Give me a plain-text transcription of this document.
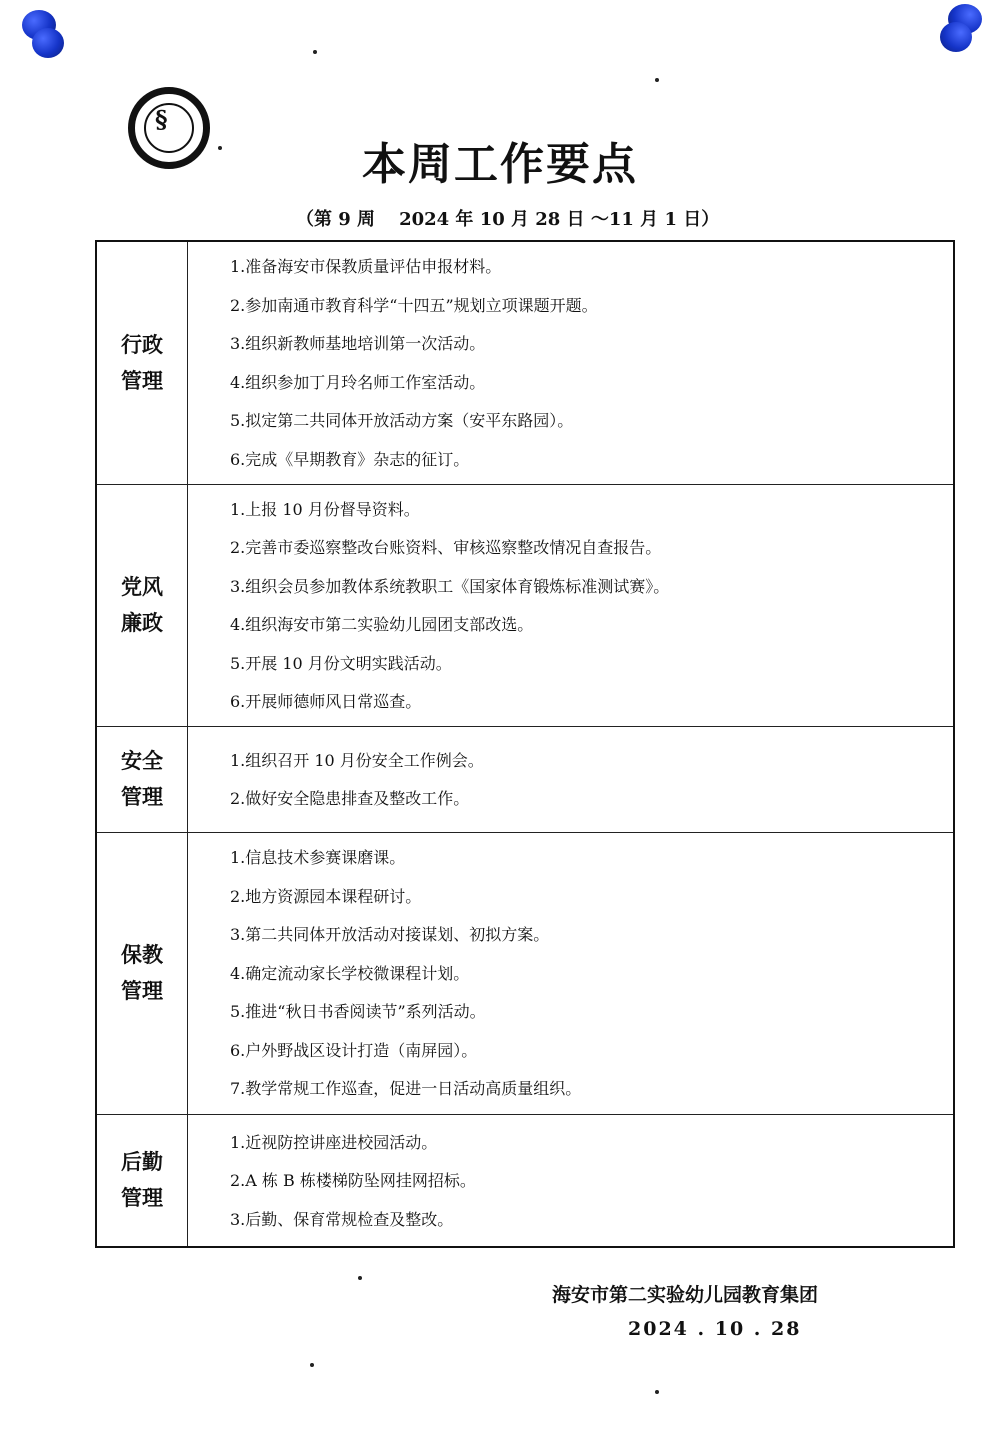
§
本周工作要点
（第 9 周 2024 年 10 月 28 日 ～11 月 1 日）
行政
管理

1.准备海安市保教质量评估申报材料。
2.参加南通市教育科学“十四五”规划立项课题开题。
3.组织新教师基地培训第一次活动。
4.组织参加丁月玲名师工作室活动。
5.拟定第二共同体开放活动方案（安平东路园）。
6.完成《早期教育》杂志的征订。

党风
廉政

1.上报 10 月份督导资料。
2.完善市委巡察整改台账资料、审核巡察整改情况自查报告。
3.组织会员参加教体系统教职工《国家体育锻炼标准测试赛》。
4.组织海安市第二实验幼儿园团支部改选。
5.开展 10 月份文明实践活动。
6.开展师德师风日常巡查。

安全
管理

1.组织召开 10 月份安全工作例会。
2.做好安全隐患排查及整改工作。

保教
管理

1.信息技术参赛课磨课。
2.地方资源园本课程研讨。
3.第二共同体开放活动对接谋划、初拟方案。
4.确定流动家长学校微课程计划。
5.推进“秋日书香阅读节”系列活动。
6.户外野战区设计打造（南屏园）。
7.教学常规工作巡查，促进一日活动高质量组织。

后勤
管理

1.近视防控讲座进校园活动。
2.A 栋 B 栋楼梯防坠网挂网招标。
3.后勤、保育常规检查及整改。
海安市第二实验幼儿园教育集团
2024 . 10 . 28
